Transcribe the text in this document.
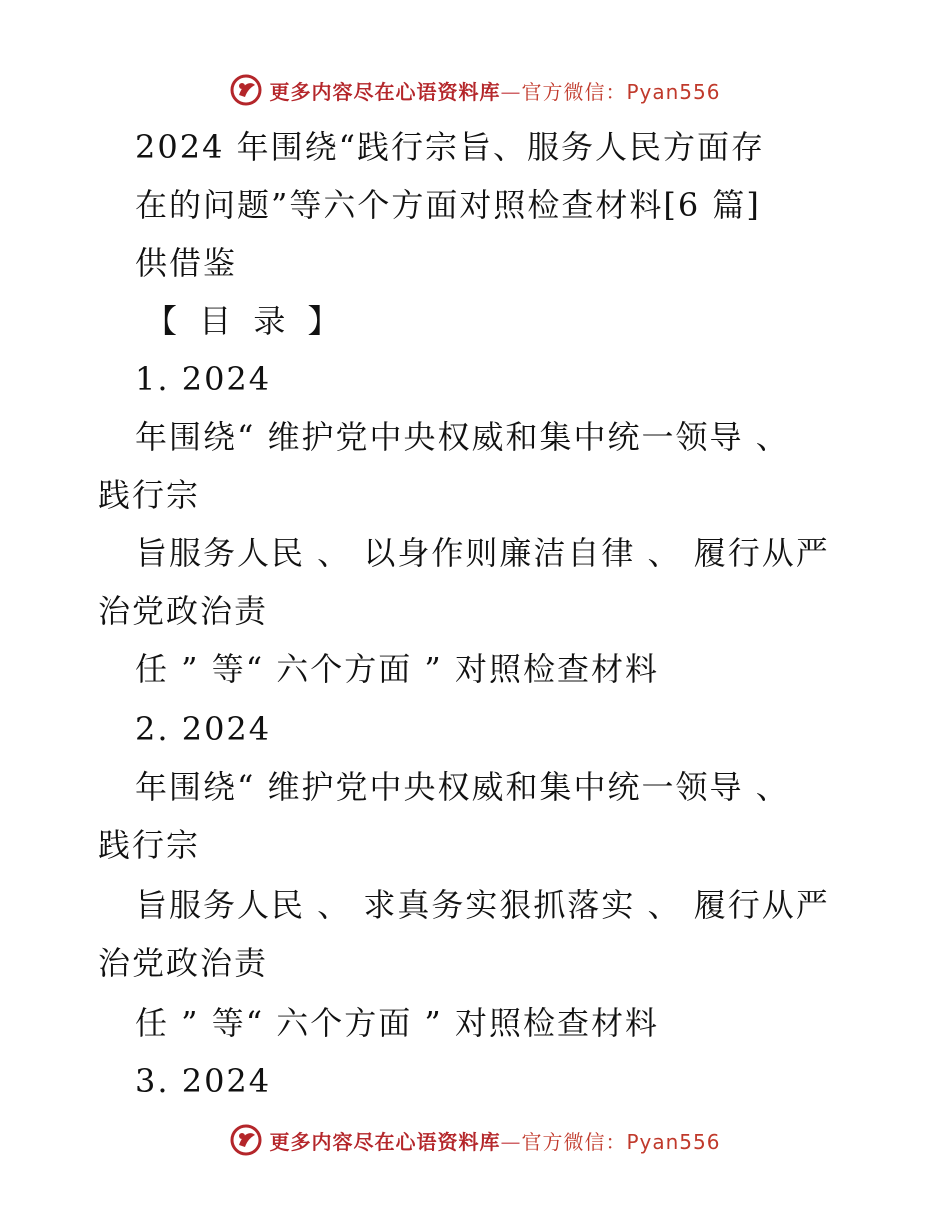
更多内容尽在心语资料库—官方微信：Pyan556
2024 年围绕“践行宗旨、服务人民方面存
在的问题”等六个方面对照检查材料[6 篇]
供借鉴
【 目 录 】
1. 2024
年围绕“ 维护党中央权威和集中统一领导 、
践行宗
旨服务人民 、 以身作则廉洁自律 、 履行从严
治党政治责
任 ” 等“ 六个方面 ” 对照检查材料
2. 2024
年围绕“ 维护党中央权威和集中统一领导 、
践行宗
旨服务人民 、 求真务实狠抓落实 、 履行从严
治党政治责
任 ” 等“ 六个方面 ” 对照检查材料
3. 2024
更多内容尽在心语资料库—官方微信：Pyan556
